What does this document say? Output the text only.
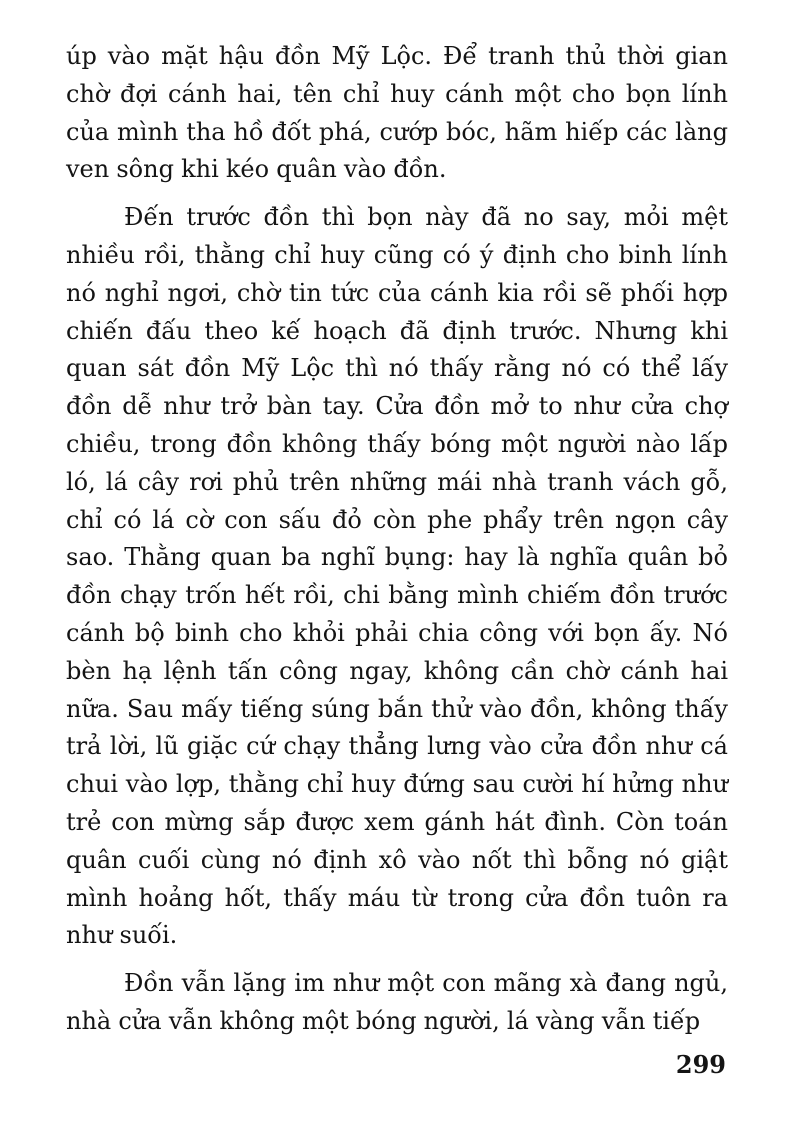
úp vào mặt hậu đồn Mỹ Lộc. Để tranh thủ thời gian chờ đợi cánh hai, tên chỉ huy cánh một cho bọn lính của mình tha hồ đốt phá, cướp bóc, hãm hiếp các làng ven sông khi kéo quân vào đồn.

Đến trước đồn thì bọn này đã no say, mỏi mệt nhiều rồi, thằng chỉ huy cũng có ý định cho binh lính nó nghỉ ngơi, chờ tin tức của cánh kia rồi sẽ phối hợp chiến đấu theo kế hoạch đã định trước. Nhưng khi quan sát đồn Mỹ Lộc thì nó thấy rằng nó có thể lấy đồn dễ như trở bàn tay. Cửa đồn mở to như cửa chợ chiều, trong đồn không thấy bóng một người nào lấp ló, lá cây rơi phủ trên những mái nhà tranh vách gỗ, chỉ có lá cờ con sấu đỏ còn phe phẩy trên ngọn cây sao. Thằng quan ba nghĩ bụng: hay là nghĩa quân bỏ đồn chạy trốn hết rồi, chi bằng mình chiếm đồn trước cánh bộ binh cho khỏi phải chia công với bọn ấy. Nó bèn hạ lệnh tấn công ngay, không cần chờ cánh hai nữa. Sau mấy tiếng súng bắn thử vào đồn, không thấy trả lời, lũ giặc cứ chạy thẳng lưng vào cửa đồn như cá chui vào lợp, thằng chỉ huy đứng sau cười hí hửng như trẻ con mừng sắp được xem gánh hát đình. Còn toán quân cuối cùng nó định xô vào nốt thì bỗng nó giật mình hoảng hốt, thấy máu từ trong cửa đồn tuôn ra như suối.

Đồn vẫn lặng im như một con mãng xà đang ngủ, nhà cửa vẫn không một bóng người, lá vàng vẫn tiếp

299
